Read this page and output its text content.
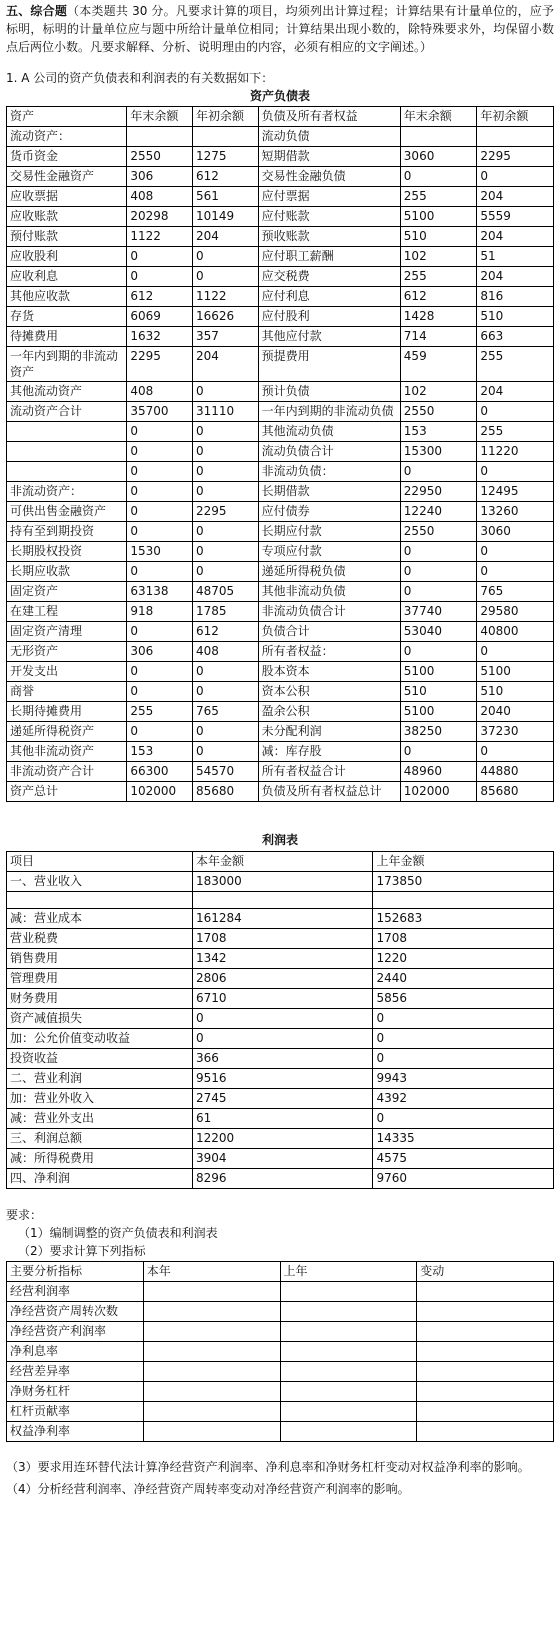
五、综合题（本类题共 30 分。凡要求计算的项目，均须列出计算过程；计算结果有计量单位的，应予标明，标明的计量单位应与题中所给计量单位相同；计算结果出现小数的，除特殊要求外，均保留小数点后两位小数。凡要求解释、分析、说明理由的内容，必须有相应的文字阐述。）

1. A 公司的资产负债表和利润表的有关数据如下：

资产负债表
资产	年末余额	年初余额	负债及所有者权益	年末余额	年初余额
流动资产：			流动负债		
货币资金	2550	1275	短期借款	3060	2295
交易性金融资产	306	612	交易性金融负债	0	0
应收票据	408	561	应付票据	255	204
应收账款	20298	10149	应付账款	5100	5559
预付账款	1122	204	预收账款	510	204
应收股利	0	0	应付职工薪酬	102	51
应收利息	0	0	应交税费	255	204
其他应收款	612	1122	应付利息	612	816
存货	6069	16626	应付股利	1428	510
待摊费用	1632	357	其他应付款	714	663
一年内到期的非流动资产	2295	204	预提费用	459	255
其他流动资产	408	0	预计负债	102	204
流动资产合计	35700	31110	一年内到期的非流动负债	2550	0
	0	0	其他流动负债	153	255
	0	0	流动负债合计	15300	11220
	0	0	非流动负债：	0	0
非流动资产：	0	0	长期借款	22950	12495
可供出售金融资产	0	2295	应付债券	12240	13260
持有至到期投资	0	0	长期应付款	2550	3060
长期股权投资	1530	0	专项应付款	0	0
长期应收款	0	0	递延所得税负债	0	0
固定资产	63138	48705	其他非流动负债	0	765
在建工程	918	1785	非流动负债合计	37740	29580
固定资产清理	0	612	负债合计	53040	40800
无形资产	306	408	所有者权益：	0	0
开发支出	0	0	股本资本	5100	5100
商誉	0	0	资本公积	510	510
长期待摊费用	255	765	盈余公积	5100	2040
递延所得税资产	0	0	未分配利润	38250	37230
其他非流动资产	153	0	减：库存股	0	0
非流动资产合计	66300	54570	所有者权益合计	48960	44880
资产总计	102000	85680	负债及所有者权益总计	102000	85680
利润表
项目	本年金额	上年金额
一、营业收入	183000	173850

减：营业成本	161284	152683
营业税费	1708	1708
销售费用	1342	1220
管理费用	2806	2440
财务费用	6710	5856
资产减值损失	0	0
加：公允价值变动收益	0	0
投资收益	366	0
二、营业利润	9516	9943
加：营业外收入	2745	4392
减：营业外支出	61	0
三、利润总额	12200	14335
减：所得税费用	3904	4575
四、净利润	8296	9760

要求：

（1）编制调整的资产负债表和利润表

（2）要求计算下列指标

主要分析指标	本年	上年	变动
经营利润率			
净经营资产周转次数			
净经营资产利润率			
净利息率			
经营差异率			
净财务杠杆			
杠杆贡献率			
权益净利率			

（3）要求用连环替代法计算净经营资产利润率、净利息率和净财务杠杆变动对权益净利率的影响。

（4）分析经营利润率、净经营资产周转率变动对净经营资产利润率的影响。
